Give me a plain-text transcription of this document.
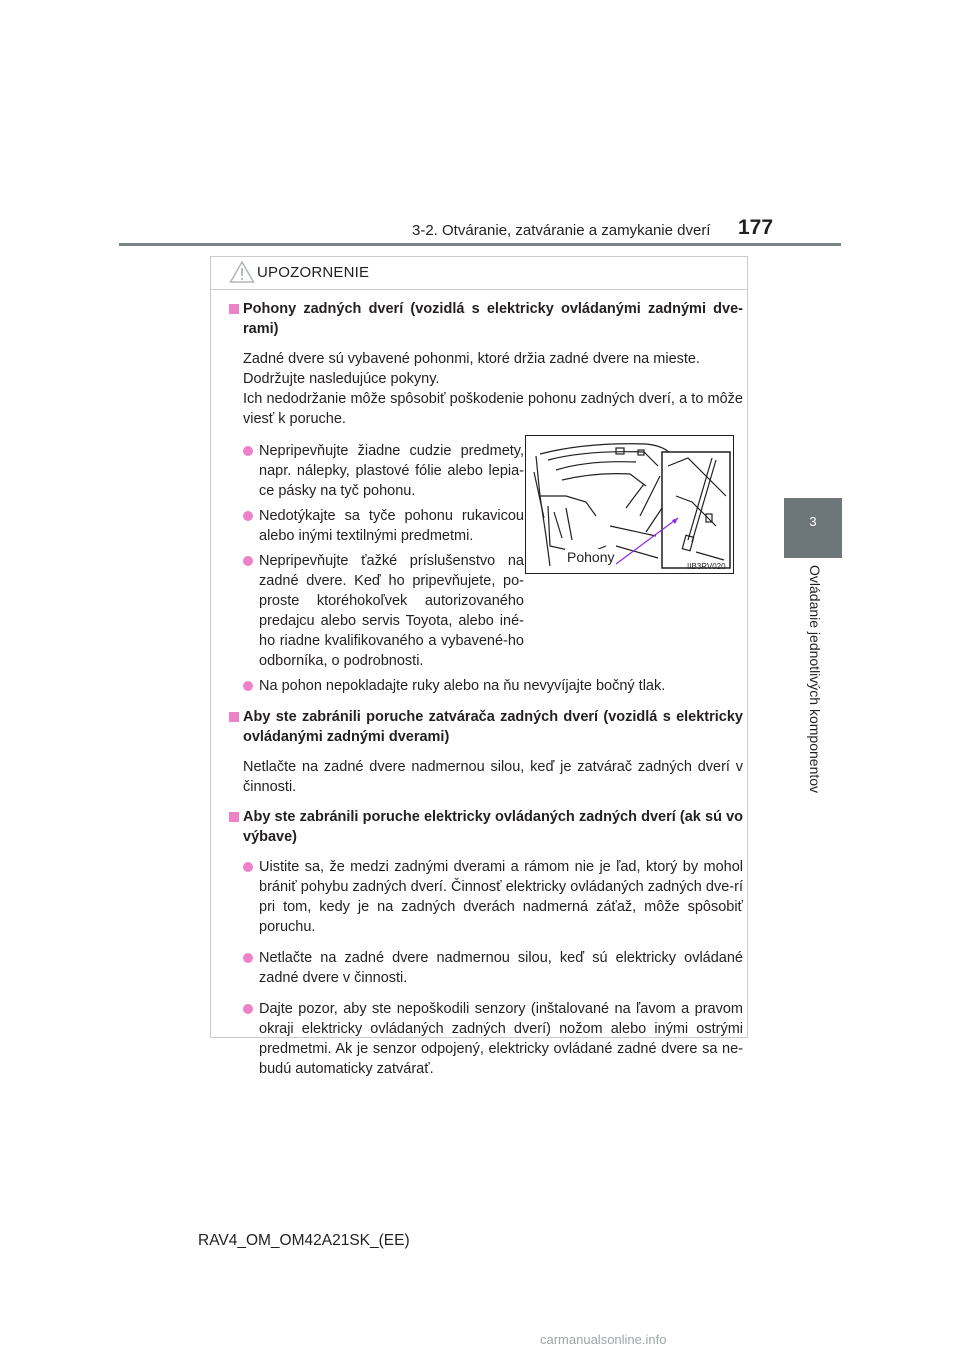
3-2. Otváranie, zatváranie a zamykanie dverí 177
3
Ovládanie jednotlivých komponentov
UPOZORNENIE
Pohony zadných dverí (vozidlá s elektricky ovládanými zadnými dve-rami)
Zadné dvere sú vybavené pohonmi, ktoré držia zadné dvere na mieste.
Dodržujte nasledujúce pokyny.
Ich nedodržanie môže spôsobiť poškodenie pohonu zadných dverí, a to môže viesť k poruche.
Nepripevňujte žiadne cudzie predmety, napr. nálepky, plastové fólie alebo lepia-ce pásky na tyč pohonu.
Nedotýkajte sa tyče pohonu rukavicou alebo inými textilnými predmetmi.
Nepripevňujte ťažké príslušenstvo na zadné dvere. Keď ho pripevňujete, po-proste ktoréhokoľvek autorizovaného predajcu alebo servis Toyota, alebo iné-ho riadne kvalifikovaného a vybavené-ho odborníka, o podrobnosti.
Na pohon nepokladajte ruky alebo na ňu nevyvíjajte bočný tlak.
Aby ste zabránili poruche zatvárača zadných dverí (vozidlá s elektricky ovládanými zadnými dverami)
Netlačte na zadné dvere nadmernou silou, keď je zatvárač zadných dverí v činnosti.
Aby ste zabránili poruche elektricky ovládaných zadných dverí (ak sú vo výbave)
Uistite sa, že medzi zadnými dverami a rámom nie je ľad, ktorý by mohol brániť pohybu zadných dverí. Činnosť elektricky ovládaných zadných dve-rí pri tom, kedy je na zadných dverách nadmerná záťaž, môže spôsobiť poruchu.
Netlačte na zadné dvere nadmernou silou, keď sú elektricky ovládané zadné dvere v činnosti.
Dajte pozor, aby ste nepoškodili senzory (inštalované na ľavom a pravom okraji elektricky ovládaných zadných dverí) nožom alebo inými ostrými predmetmi. Ak je senzor odpojený, elektricky ovládané zadné dvere sa ne-budú automaticky zatvárať.
Pohony
IIB3RV020
RAV4_OM_OM42A21SK_(EE)
carmanualsonline.info
